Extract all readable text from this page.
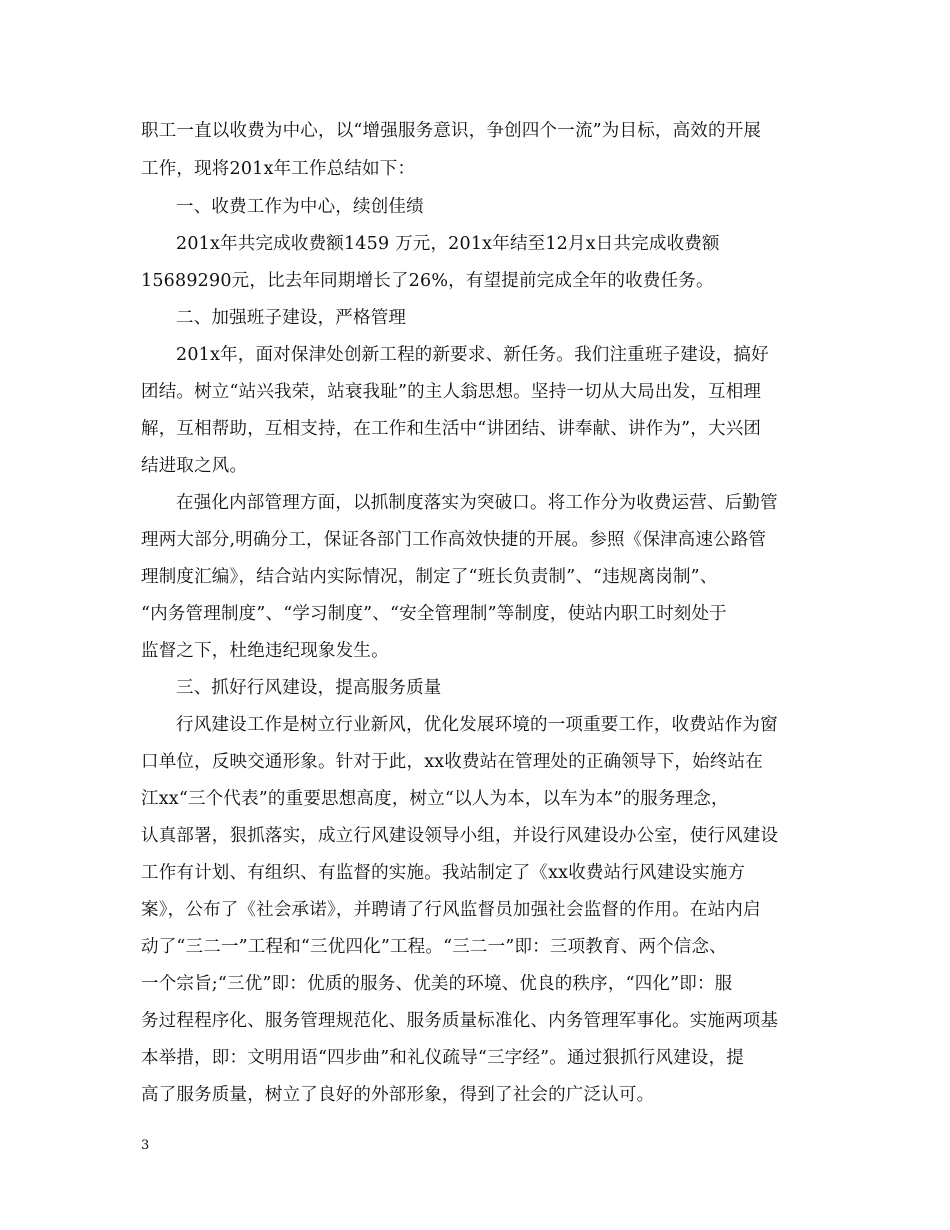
职工一直以收费为中心，以“增强服务意识，争创四个一流”为目标，高效的开展
工作，现将201x年工作总结如下：
一、收费工作为中心，续创佳绩
201x年共完成收费额1459 万元，201x年结至12月x日共完成收费额
15689290元，比去年同期增长了26%，有望提前完成全年的收费任务。
二、加强班子建设，严格管理
201x年，面对保津处创新工程的新要求、新任务。我们注重班子建设，搞好
团结。树立“站兴我荣，站衰我耻”的主人翁思想。坚持一切从大局出发，互相理
解，互相帮助，互相支持，在工作和生活中“讲团结、讲奉献、讲作为”，大兴团
结进取之风。
在强化内部管理方面，以抓制度落实为突破口。将工作分为收费运营、后勤管
理两大部分,明确分工，保证各部门工作高效快捷的开展。参照《保津高速公路管
理制度汇编》，结合站内实际情况，制定了“班长负责制”、“违规离岗制”、
“内务管理制度”、“学习制度”、“安全管理制”等制度，使站内职工时刻处于
监督之下，杜绝违纪现象发生。
三、抓好行风建设，提高服务质量
行风建设工作是树立行业新风，优化发展环境的一项重要工作，收费站作为窗
口单位，反映交通形象。针对于此，xx收费站在管理处的正确领导下，始终站在
江xx“三个代表”的重要思想高度，树立“以人为本，以车为本”的服务理念，
认真部署，狠抓落实，成立行风建设领导小组，并设行风建设办公室，使行风建设
工作有计划、有组织、有监督的实施。我站制定了《xx收费站行风建设实施方
案》，公布了《社会承诺》，并聘请了行风监督员加强社会监督的作用。在站内启
动了“三二一”工程和“三优四化”工程。“三二一”即：三项教育、两个信念、
一个宗旨;“三优”即：优质的服务、优美的环境、优良的秩序，“四化”即：服
务过程程序化、服务管理规范化、服务质量标准化、内务管理军事化。实施两项基
本举措，即：文明用语“四步曲”和礼仪疏导“三字经”。通过狠抓行风建设，提
高了服务质量，树立了良好的外部形象，得到了社会的广泛认可。
3
